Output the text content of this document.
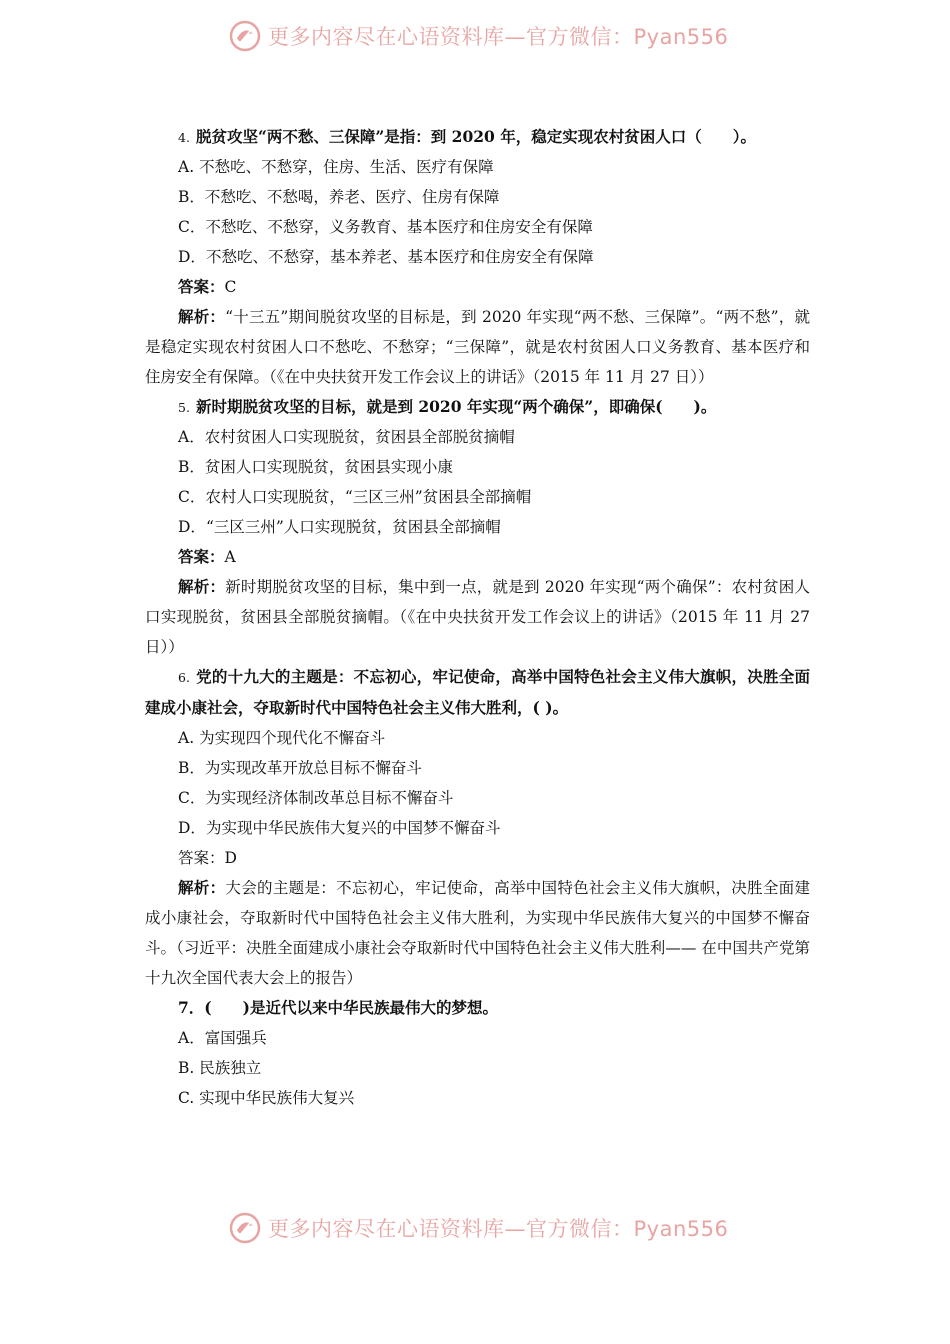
更多内容尽在心语资料库—官方微信：Pyan556
4. 脱贫攻坚“两不愁、三保障”是指：到 2020 年，稳定实现农村贫困人口（　　）。
A. 不愁吃、不愁穿，住房、生活、医疗有保障
B．不愁吃、不愁喝，养老、医疗、住房有保障
C．不愁吃、不愁穿，义务教育、基本医疗和住房安全有保障
D．不愁吃、不愁穿，基本养老、基本医疗和住房安全有保障
答案：C
解析：“十三五”期间脱贫攻坚的目标是，到 2020 年实现“两不愁、三保障”。“两不愁”，就是稳定实现农村贫困人口不愁吃、不愁穿；“三保障”，就是农村贫困人口义务教育、基本医疗和住房安全有保障。（《在中央扶贫开发工作会议上的讲话》（2015 年 11 月 27 日））
5. 新时期脱贫攻坚的目标，就是到 2020 年实现“两个确保”，即确保(　　)。
A．农村贫困人口实现脱贫，贫困县全部脱贫摘帽
B．贫困人口实现脱贫，贫困县实现小康
C．农村人口实现脱贫，“三区三州”贫困县全部摘帽
D．“三区三州”人口实现脱贫，贫困县全部摘帽
答案：A
解析：新时期脱贫攻坚的目标，集中到一点，就是到 2020 年实现“两个确保”：农村贫困人口实现脱贫，贫困县全部脱贫摘帽。（《在中央扶贫开发工作会议上的讲话》（2015 年 11 月 27 日））
6. 党的十九大的主题是：不忘初心，牢记使命，高举中国特色社会主义伟大旗帜，决胜全面建成小康社会，夺取新时代中国特色社会主义伟大胜利，( )。
A. 为实现四个现代化不懈奋斗
B．为实现改革开放总目标不懈奋斗
C．为实现经济体制改革总目标不懈奋斗
D．为实现中华民族伟大复兴的中国梦不懈奋斗
答案：D
解析：大会的主题是：不忘初心，牢记使命，高举中国特色社会主义伟大旗帜，决胜全面建成小康社会，夺取新时代中国特色社会主义伟大胜利，为实现中华民族伟大复兴的中国梦不懈奋斗。（习近平：决胜全面建成小康社会夺取新时代中国特色社会主义伟大胜利—— 在中国共产党第十九次全国代表大会上的报告）
7．(　　)是近代以来中华民族最伟大的梦想。
A．富国强兵
B. 民族独立
C. 实现中华民族伟大复兴
更多内容尽在心语资料库—官方微信：Pyan556
